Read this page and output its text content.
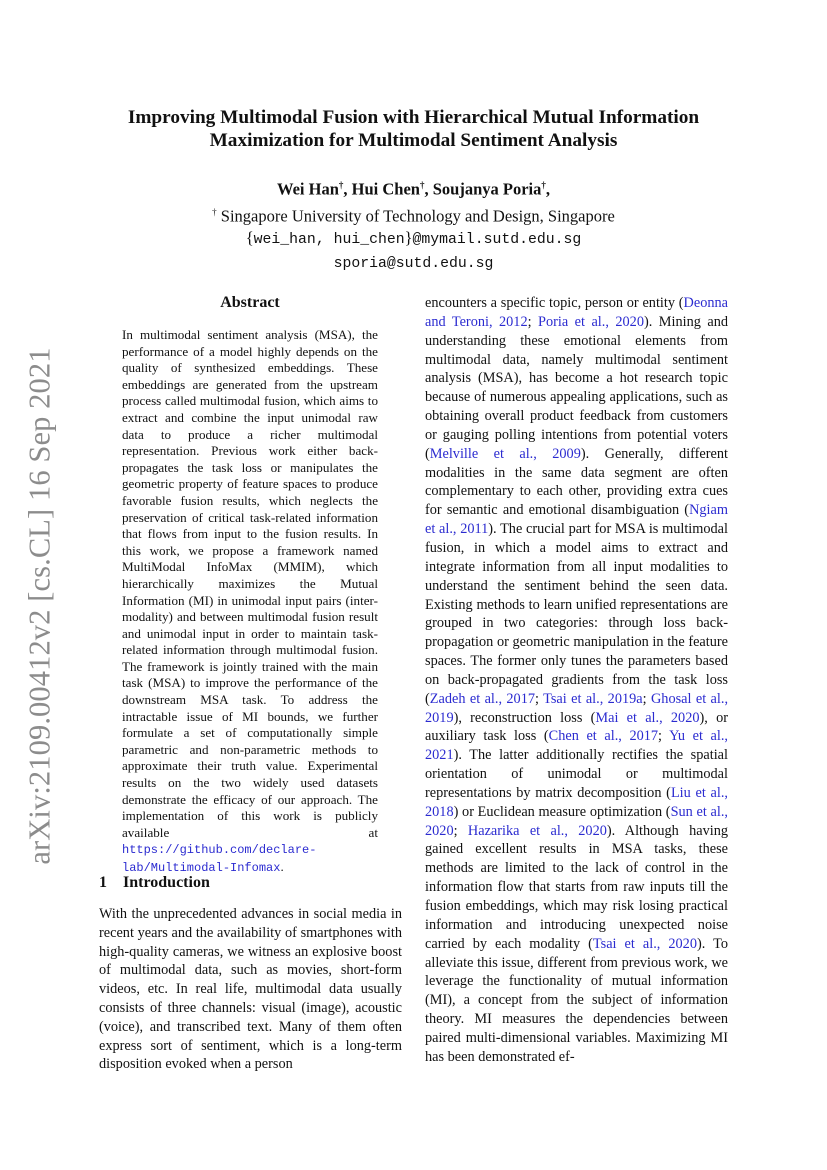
arXiv:2109.00412v2 [cs.CL] 16 Sep 2021
Improving Multimodal Fusion with Hierarchical Mutual Information
Maximization for Multimodal Sentiment Analysis
Wei Han†, Hui Chen†, Soujanya Poria†,
† Singapore University of Technology and Design, Singapore
{wei_han, hui_chen}@mymail.sutd.edu.sg
sporia@sutd.edu.sg
Abstract

In multimodal sentiment analysis (MSA), the performance of a model highly depends on the quality of synthesized embeddings. These embeddings are generated from the upstream process called multimodal fusion, which aims to extract and combine the input unimodal raw data to produce a richer multimodal representation. Previous work either back-propagates the task loss or manipulates the geometric property of feature spaces to produce favorable fusion results, which neglects the preservation of critical task-related information that flows from input to the fusion results. In this work, we propose a framework named MultiModal InfoMax (MMIM), which hierarchically maximizes the Mutual Information (MI) in unimodal input pairs (inter-modality) and between multimodal fusion result and unimodal input in order to maintain task-related information through multimodal fusion. The framework is jointly trained with the main task (MSA) to improve the performance of the downstream MSA task. To address the intractable issue of MI bounds, we further formulate a set of computationally simple parametric and non-parametric methods to approximate their truth value. Experimental results on the two widely used datasets demonstrate the efficacy of our approach. The implementation of this work is publicly available at https://github.com/declare-lab/Multimodal-Infomax.

1 Introduction

With the unprecedented advances in social media in recent years and the availability of smartphones with high-quality cameras, we witness an explosive boost of multimodal data, such as movies, short-form videos, etc. In real life, multimodal data usually consists of three channels: visual (image), acoustic (voice), and transcribed text. Many of them often express sort of sentiment, which is a long-term disposition evoked when a person

encounters a specific topic, person or entity (Deonna and Teroni, 2012; Poria et al., 2020). Mining and understanding these emotional elements from multimodal data, namely multimodal sentiment analysis (MSA), has become a hot research topic because of numerous appealing applications, such as obtaining overall product feedback from customers or gauging polling intentions from potential voters (Melville et al., 2009). Generally, different modalities in the same data segment are often complementary to each other, providing extra cues for semantic and emotional disambiguation (Ngiam et al., 2011). The crucial part for MSA is multimodal fusion, in which a model aims to extract and integrate information from all input modalities to understand the sentiment behind the seen data. Existing methods to learn unified representations are grouped in two categories: through loss back-propagation or geometric manipulation in the feature spaces. The former only tunes the parameters based on back-propagated gradients from the task loss (Zadeh et al., 2017; Tsai et al., 2019a; Ghosal et al., 2019), reconstruction loss (Mai et al., 2020), or auxiliary task loss (Chen et al., 2017; Yu et al., 2021). The latter additionally rectifies the spatial orientation of unimodal or multimodal representations by matrix decomposition (Liu et al., 2018) or Euclidean measure optimization (Sun et al., 2020; Hazarika et al., 2020). Although having gained excellent results in MSA tasks, these methods are limited to the lack of control in the information flow that starts from raw inputs till the fusion embeddings, which may risk losing practical information and introducing unexpected noise carried by each modality (Tsai et al., 2020). To alleviate this issue, different from previous work, we leverage the functionality of mutual information (MI), a concept from the subject of information theory. MI measures the dependencies between paired multi-dimensional variables. Maximizing MI has been demonstrated ef-
